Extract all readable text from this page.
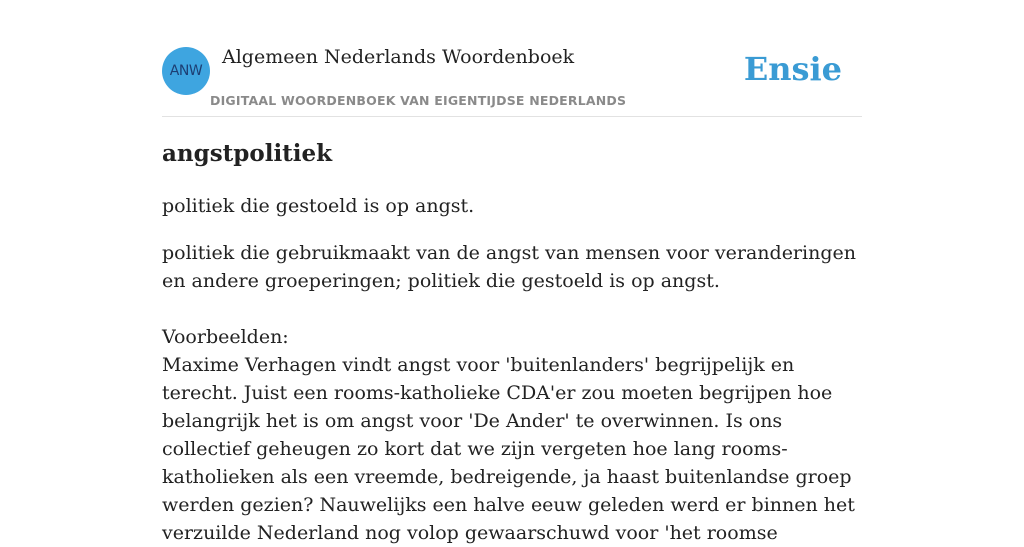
ANW
Algemeen Nederlands Woordenboek
DIGITAAL WOORDENBOEK VAN EIGENTIJDSE NEDERLANDS
Ensie
angstpolitiek

politiek die gestoeld is op angst.

politiek die gebruikmaakt van de angst van mensen voor veranderingen en andere groeperingen; politiek die gestoeld is op angst.

Voorbeelden:

Maxime Verhagen vindt angst voor 'buitenlanders' begrijpelijk en terecht. Juist een rooms-katholieke CDA'er zou moeten begrijpen hoe belangrijk het is om angst voor 'De Ander' te overwinnen. Is ons collectief geheugen zo kort dat we zijn vergeten hoe lang rooms-katholieken als een vreemde, bedreigende, ja haast buitenlandse groep werden gezien? Nauwelijks een halve eeuw geleden werd er binnen het verzuilde Nederland nog volop gewaarschuwd voor 'het roomse
